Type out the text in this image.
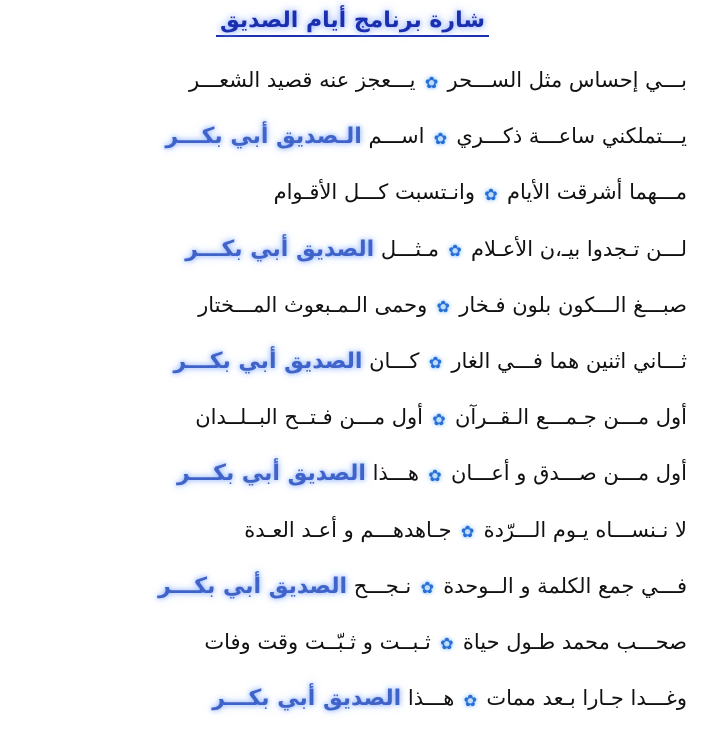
شارة برنامج أيام الصديق
بـــي إحساس مثل الســـحر
✿
يـــعجز عنه قصيد الشعـــر
يـــتملكني ساعـــة ذكـــري
✿
اســـم الـصديق أبي بكـــر
مـــهما أشرقت الأيام
✿
وانـتسبت كـــل الأقـوام
لـــن تـجدوا بيـ،ن الأعـلام
✿
مـثـــل الصديق أبي بكـــر
صبـــغ الـــكون بلون فـخار
✿
وحمى الـمـبعوث المـــختار
ثـــاني اثنين هما فـــي الغار
✿
كـــان الصديق أبي بكـــر
أول مـــن جـمـــع الـقــرآن
✿
أول مـــن فـتــح البــلــدان
أول مـــن صـــدق و أعـــان
✿
هـــذا الصديق أبي بكـــر
لا نـنســـاه يـوم الـــرّدة
✿
جـاهدهـــم و أعـد العـدة
فـــي جمع الكلمة و الــوحدة
✿
نـجـــح الصديق أبي بكـــر
صحـــب محمد طـول حياة
✿
ثـبــت و ثـبّــت وقت وفات
وغـــدا جـارا بـعد ممات
✿
هـــذا الصديق أبي بكـــر
